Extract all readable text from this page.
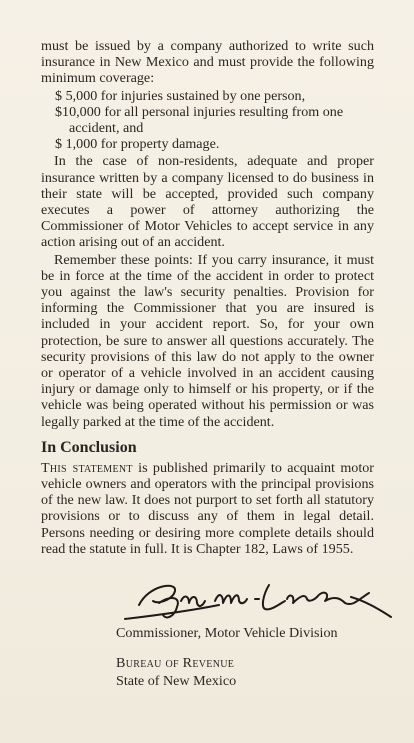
must be issued by a company authorized to write such insurance in New Mexico and must provide the following minimum coverage:

$ 5,000 for injuries sustained by one person,
$10,000 for all personal injuries resulting from one accident, and
$ 1,000 for property damage.

In the case of non-residents, adequate and proper insurance written by a company licensed to do business in their state will be accepted, provided such company executes a power of attorney authorizing the Commissioner of Motor Vehicles to accept service in any action arising out of an accident.

Remember these points: If you carry insurance, it must be in force at the time of the accident in order to protect you against the law's security penalties. Provision for informing the Commissioner that you are insured is included in your accident report. So, for your own protection, be sure to answer all questions accurately. The security provisions of this law do not apply to the owner or operator of a vehicle involved in an accident causing injury or damage only to himself or his property, or if the vehicle was being operated without his permission or was legally parked at the time of the accident.

In Conclusion

This statement is published primarily to acquaint motor vehicle owners and operators with the principal provisions of the new law. It does not purport to set forth all statutory provisions or to discuss any of them in legal detail. Persons needing or desiring more complete details should read the statute in full. It is Chapter 182, Laws of 1955.

Commissioner, Motor Vehicle Division
Bureau of Revenue
State of New Mexico
